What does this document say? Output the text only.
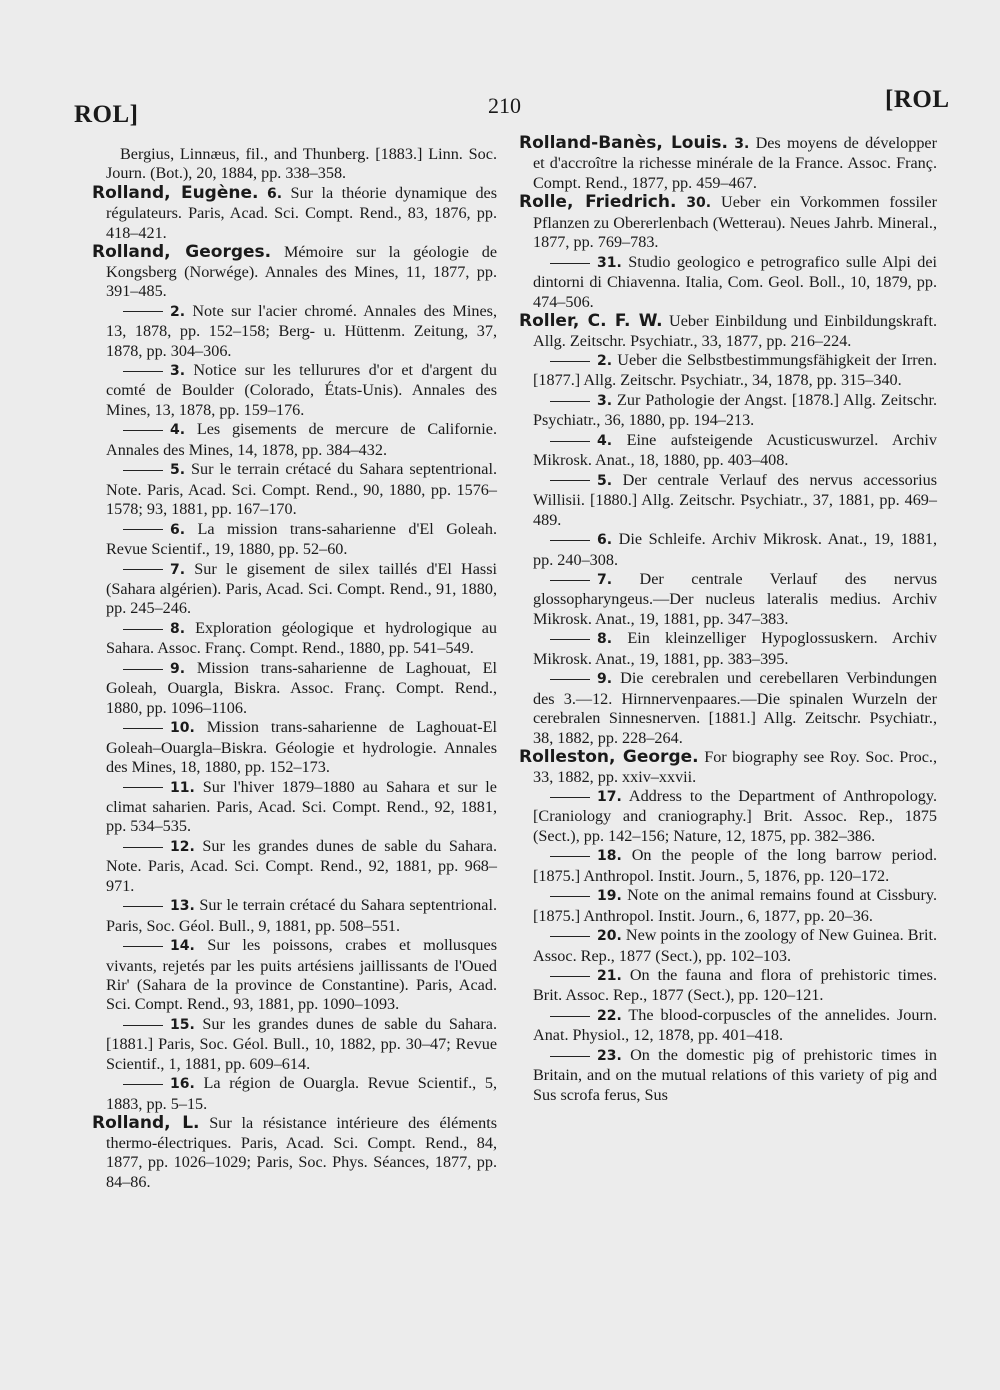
ROL]	210	[ROL

Bergius, Linnæus, fil., and Thunberg. [1883.] Linn. Soc. Journ. (Bot.), 20, 1884, pp. 338–358.

Rolland, Eugène. 6. Sur la théorie dynamique des régulateurs. Paris, Acad. Sci. Compt. Rend., 83, 1876, pp. 418–421.

Rolland, Georges. Mémoire sur la géologie de Kongsberg (Norwége). Annales des Mines, 11, 1877, pp. 391–485.

2. Note sur l'acier chromé. Annales des Mines, 13, 1878, pp. 152–158; Berg- u. Hüttenm. Zeitung, 37, 1878, pp. 304–306.

3. Notice sur les tellurures d'or et d'argent du comté de Boulder (Colorado, États-Unis). Annales des Mines, 13, 1878, pp. 159–176.

4. Les gisements de mercure de Californie. Annales des Mines, 14, 1878, pp. 384–432.

5. Sur le terrain crétacé du Sahara septentrional. Note. Paris, Acad. Sci. Compt. Rend., 90, 1880, pp. 1576–1578; 93, 1881, pp. 167–170.

6. La mission trans-saharienne d'El Goleah. Revue Scientif., 19, 1880, pp. 52–60.

7. Sur le gisement de silex taillés d'El Hassi (Sahara algérien). Paris, Acad. Sci. Compt. Rend., 91, 1880, pp. 245–246.

8. Exploration géologique et hydrologique au Sahara. Assoc. Franç. Compt. Rend., 1880, pp. 541–549.

9. Mission trans-saharienne de Laghouat, El Goleah, Ouargla, Biskra. Assoc. Franç. Compt. Rend., 1880, pp. 1096–1106.

10. Mission trans-saharienne de Laghouat-El Goleah–Ouargla–Biskra. Géologie et hydrologie. Annales des Mines, 18, 1880, pp. 152–173.

11. Sur l'hiver 1879–1880 au Sahara et sur le climat saharien. Paris, Acad. Sci. Compt. Rend., 92, 1881, pp. 534–535.

12. Sur les grandes dunes de sable du Sahara. Note. Paris, Acad. Sci. Compt. Rend., 92, 1881, pp. 968–971.

13. Sur le terrain crétacé du Sahara septentrional. Paris, Soc. Géol. Bull., 9, 1881, pp. 508–551.

14. Sur les poissons, crabes et mollusques vivants, rejetés par les puits artésiens jaillissants de l'Oued Rir' (Sahara de la province de Constantine). Paris, Acad. Sci. Compt. Rend., 93, 1881, pp. 1090–1093.

15. Sur les grandes dunes de sable du Sahara. [1881.] Paris, Soc. Géol. Bull., 10, 1882, pp. 30–47; Revue Scientif., 1, 1881, pp. 609–614.

16. La région de Ouargla. Revue Scientif., 5, 1883, pp. 5–15.

Rolland, L. Sur la résistance intérieure des éléments thermo-électriques. Paris, Acad. Sci. Compt. Rend., 84, 1877, pp. 1026–1029; Paris, Soc. Phys. Séances, 1877, pp. 84–86.

Rolland-Banès, Louis. 3. Des moyens de développer et d'accroître la richesse minérale de la France. Assoc. Franç. Compt. Rend., 1877, pp. 459–467.

Rolle, Friedrich. 30. Ueber ein Vorkommen fossiler Pflanzen zu Obererlenbach (Wetterau). Neues Jahrb. Mineral., 1877, pp. 769–783.

31. Studio geologico e petrografico sulle Alpi dei dintorni di Chiavenna. Italia, Com. Geol. Boll., 10, 1879, pp. 474–506.

Roller, C. F. W. Ueber Einbildung und Einbildungskraft. Allg. Zeitschr. Psychiatr., 33, 1877, pp. 216–224.

2. Ueber die Selbstbestimmungsfähigkeit der Irren. [1877.] Allg. Zeitschr. Psychiatr., 34, 1878, pp. 315–340.

3. Zur Pathologie der Angst. [1878.] Allg. Zeitschr. Psychiatr., 36, 1880, pp. 194–213.

4. Eine aufsteigende Acusticuswurzel. Archiv Mikrosk. Anat., 18, 1880, pp. 403–408.

5. Der centrale Verlauf des nervus accessorius Willisii. [1880.] Allg. Zeitschr. Psychiatr., 37, 1881, pp. 469–489.

6. Die Schleife. Archiv Mikrosk. Anat., 19, 1881, pp. 240–308.

7. Der centrale Verlauf des nervus glossopharyngeus.—Der nucleus lateralis medius. Archiv Mikrosk. Anat., 19, 1881, pp. 347–383.

8. Ein kleinzelliger Hypoglossuskern. Archiv Mikrosk. Anat., 19, 1881, pp. 383–395.

9. Die cerebralen und cerebellaren Verbindungen des 3.—12. Hirnnervenpaares.—Die spinalen Wurzeln der cerebralen Sinnesnerven. [1881.] Allg. Zeitschr. Psychiatr., 38, 1882, pp. 228–264.

Rolleston, George. For biography see Roy. Soc. Proc., 33, 1882, pp. xxiv–xxvii.

17. Address to the Department of Anthropology. [Craniology and craniography.] Brit. Assoc. Rep., 1875 (Sect.), pp. 142–156; Nature, 12, 1875, pp. 382–386.

18. On the people of the long barrow period. [1875.] Anthropol. Instit. Journ., 5, 1876, pp. 120–172.

19. Note on the animal remains found at Cissbury. [1875.] Anthropol. Instit. Journ., 6, 1877, pp. 20–36.

20. New points in the zoology of New Guinea. Brit. Assoc. Rep., 1877 (Sect.), pp. 102–103.

21. On the fauna and flora of prehistoric times. Brit. Assoc. Rep., 1877 (Sect.), pp. 120–121.

22. The blood-corpuscles of the annelides. Journ. Anat. Physiol., 12, 1878, pp. 401–418.

23. On the domestic pig of prehistoric times in Britain, and on the mutual relations of this variety of pig and Sus scrofa ferus, Sus
